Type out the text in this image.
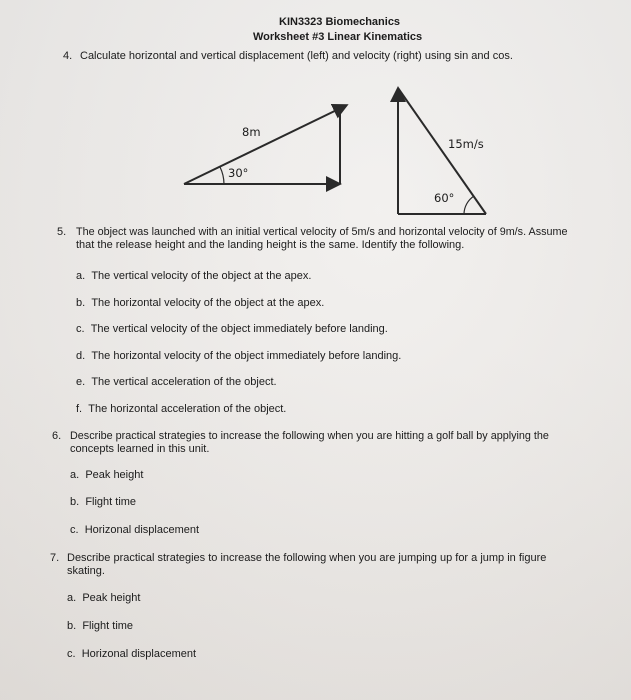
KIN3323 Biomechanics
Worksheet #3 Linear Kinematics
4. Calculate horizontal and vertical displacement (left) and velocity (right) using sin and cos.
8m
30°
15m/s
60°
5. The object was launched with an initial vertical velocity of 5m/s and horizontal velocity of 9m/s. Assume
that the release height and the landing height is the same. Identify the following.
a. The vertical velocity of the object at the apex.
b. The horizontal velocity of the object at the apex.
c. The vertical velocity of the object immediately before landing.
d. The horizontal velocity of the object immediately before landing.
e. The vertical acceleration of the object.
f. The horizontal acceleration of the object.
6. Describe practical strategies to increase the following when you are hitting a golf ball by applying the
concepts learned in this unit.
a. Peak height
b. Flight time
c. Horizonal displacement
7. Describe practical strategies to increase the following when you are jumping up for a jump in figure
skating.
a. Peak height
b. Flight time
c. Horizonal displacement
